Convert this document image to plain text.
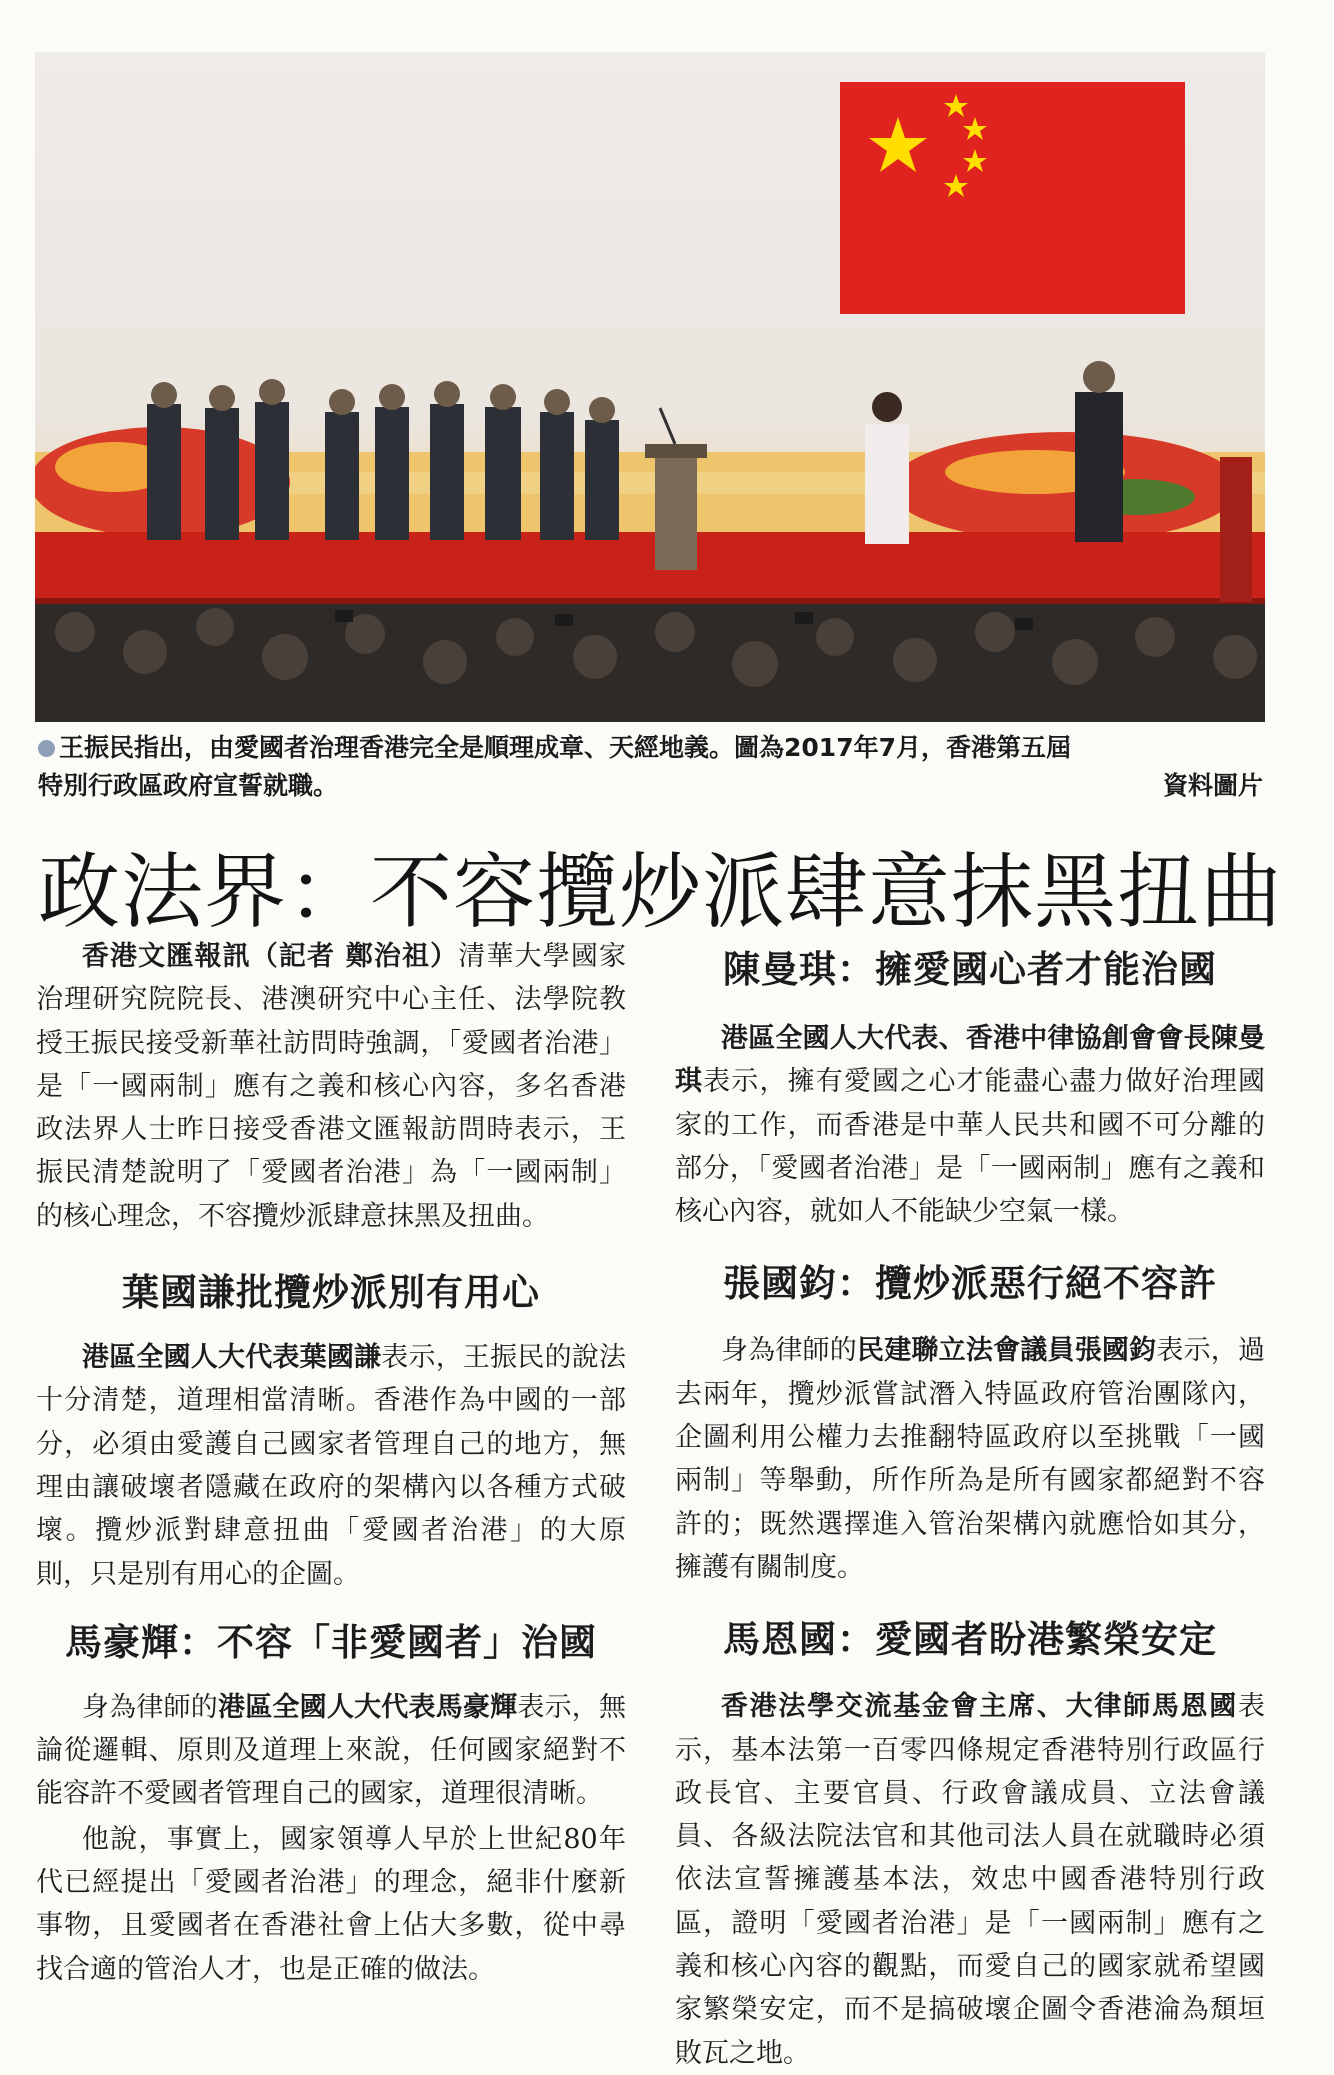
王振民指出，由愛國者治理香港完全是順理成章、天經地義。圖為2017年7月，香港第五屆
特別行政區政府宣誓就職。	資料圖片
政法界：不容攬炒派肆意抹黑扭曲

香港文匯報訊（記者 鄭治祖）清華大學國家治理研究院院長、港澳研究中心主任、法學院教授王振民接受新華社訪問時強調，「愛國者治港」是「一國兩制」應有之義和核心內容，多名香港政法界人士昨日接受香港文匯報訪問時表示，王振民清楚說明了「愛國者治港」為「一國兩制」的核心理念，不容攬炒派肆意抹黑及扭曲。

葉國謙批攬炒派別有用心

港區全國人大代表葉國謙表示，王振民的說法十分清楚，道理相當清晰。香港作為中國的一部分，必須由愛護自己國家者管理自己的地方，無理由讓破壞者隱藏在政府的架構內以各種方式破壞。攬炒派對肆意扭曲「愛國者治港」的大原則，只是別有用心的企圖。

馬豪輝：不容「非愛國者」治國

身為律師的港區全國人大代表馬豪輝表示，無論從邏輯、原則及道理上來說，任何國家絕對不能容許不愛國者管理自己的國家，道理很清晰。

他說，事實上，國家領導人早於上世紀80年代已經提出「愛國者治港」的理念，絕非什麼新事物，且愛國者在香港社會上佔大多數，從中尋找合適的管治人才，也是正確的做法。

陳曼琪：擁愛國心者才能治國

港區全國人大代表、香港中律協創會會長陳曼琪表示，擁有愛國之心才能盡心盡力做好治理國家的工作，而香港是中華人民共和國不可分離的部分，「愛國者治港」是「一國兩制」應有之義和核心內容，就如人不能缺少空氣一樣。

張國鈞：攬炒派惡行絕不容許

身為律師的民建聯立法會議員張國鈞表示，過去兩年，攬炒派嘗試潛入特區政府管治團隊內，企圖利用公權力去推翻特區政府以至挑戰「一國兩制」等舉動，所作所為是所有國家都絕對不容許的；既然選擇進入管治架構內就應恰如其分，擁護有關制度。

馬恩國：愛國者盼港繁榮安定

香港法學交流基金會主席、大律師馬恩國表示，基本法第一百零四條規定香港特別行政區行政長官、主要官員、行政會議成員、立法會議員、各級法院法官和其他司法人員在就職時必須依法宣誓擁護基本法，效忠中國香港特別行政區，證明「愛國者治港」是「一國兩制」應有之義和核心內容的觀點，而愛自己的國家就希望國家繁榮安定，而不是搞破壞企圖令香港淪為頹垣敗瓦之地。
